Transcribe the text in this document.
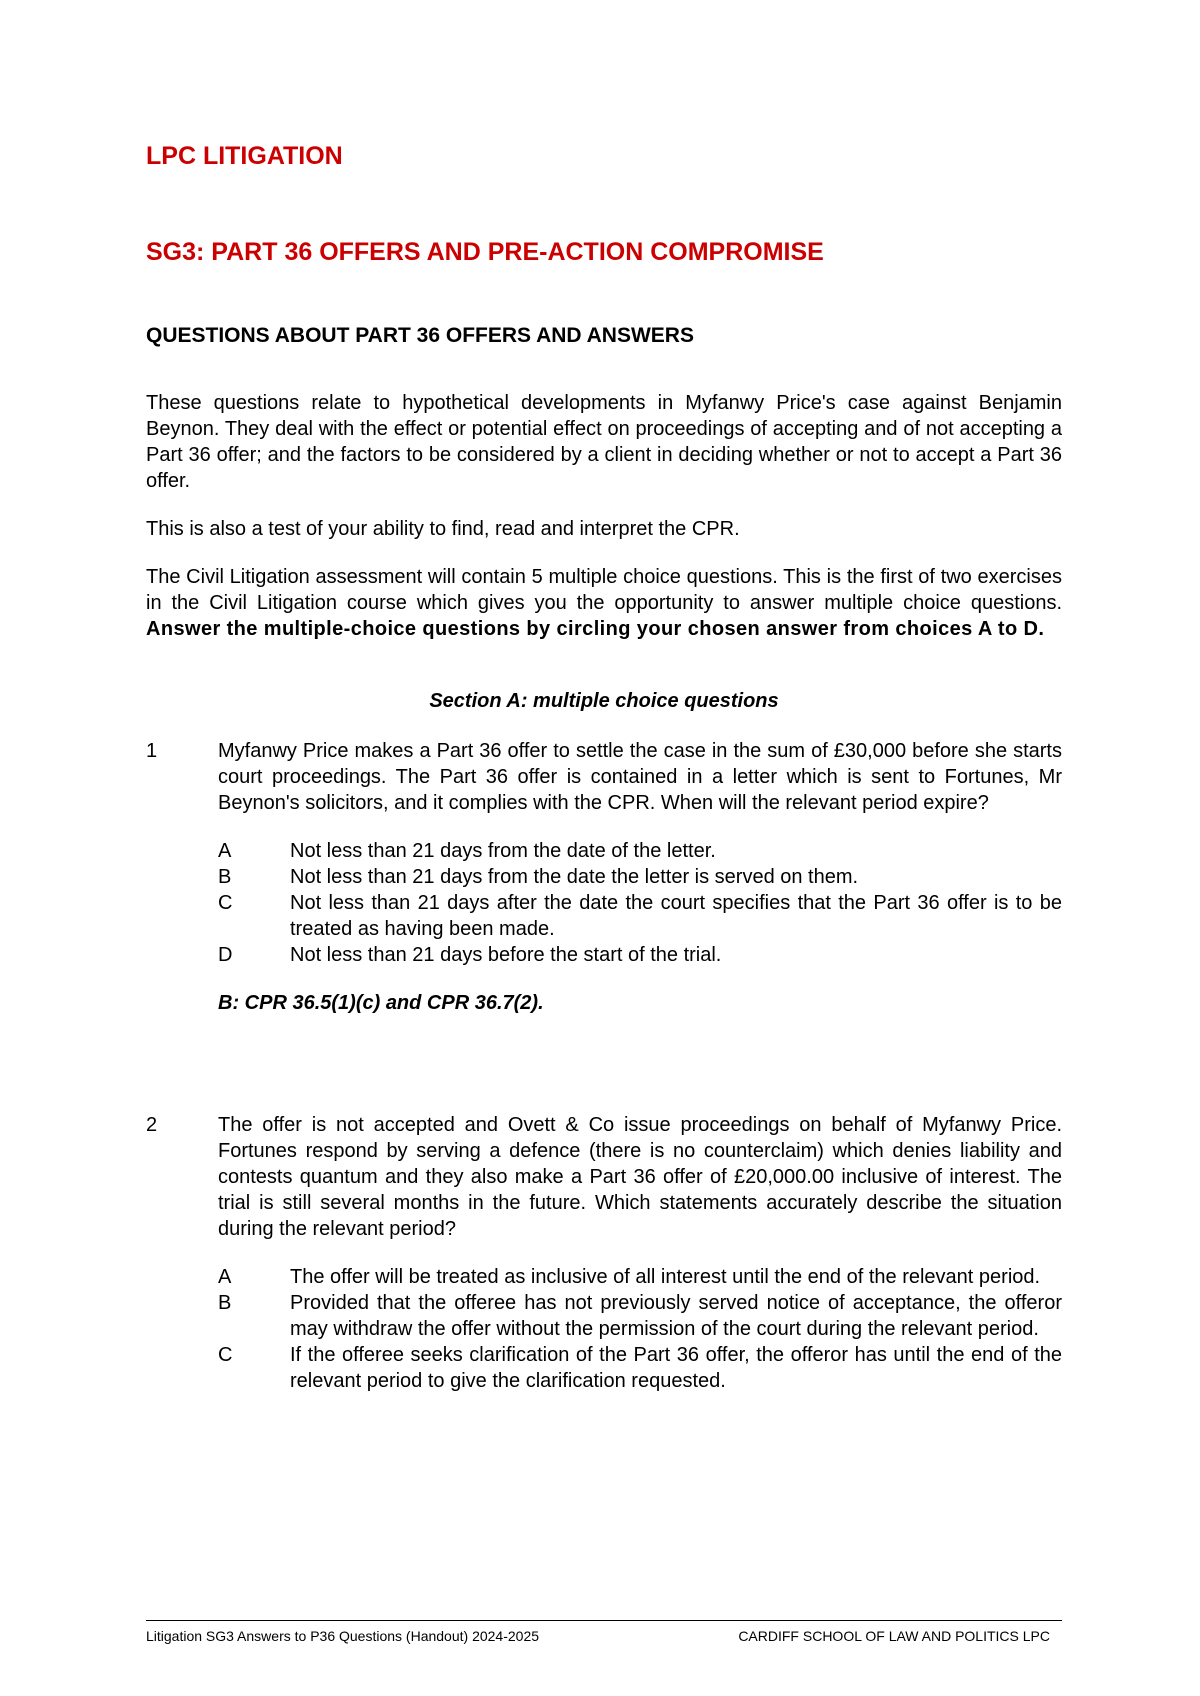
LPC LITIGATION
SG3: PART 36 OFFERS AND PRE-ACTION COMPROMISE
QUESTIONS ABOUT PART 36 OFFERS AND ANSWERS

These questions relate to hypothetical developments in Myfanwy Price's case against Benjamin Beynon. They deal with the effect or potential effect on proceedings of accepting and of not accepting a Part 36 offer; and the factors to be considered by a client in deciding whether or not to accept a Part 36 offer.

This is also a test of your ability to find, read and interpret the CPR.

The Civil Litigation assessment will contain 5 multiple choice questions. This is the first of two exercises in the Civil Litigation course which gives you the opportunity to answer multiple choice questions. Answer the multiple-choice questions by circling your chosen answer from choices A to D.

Section A: multiple choice questions
1	Myfanwy Price makes a Part 36 offer to settle the case in the sum of £30,000 before she starts court proceedings. The Part 36 offer is contained in a letter which is sent to Fortunes, Mr Beynon's solicitors, and it complies with the CPR. When will the relevant period expire?

A	Not less than 21 days from the date of the letter.
B	Not less than 21 days from the date the letter is served on them.
C	Not less than 21 days after the date the court specifies that the Part 36 offer is to be treated as having been made.
D	Not less than 21 days before the start of the trial.

B: CPR 36.5(1)(c) and CPR 36.7(2).

2	The offer is not accepted and Ovett & Co issue proceedings on behalf of Myfanwy Price. Fortunes respond by serving a defence (there is no counterclaim) which denies liability and contests quantum and they also make a Part 36 offer of £20,000.00 inclusive of interest. The trial is still several months in the future. Which statements accurately describe the situation during the relevant period?

A	The offer will be treated as inclusive of all interest until the end of the relevant period.
B	Provided that the offeree has not previously served notice of acceptance, the offeror may withdraw the offer without the permission of the court during the relevant period.
C	If the offeree seeks clarification of the Part 36 offer, the offeror has until the end of the relevant period to give the clarification requested.
Litigation SG3 Answers to P36 Questions (Handout) 2024-2025	CARDIFF SCHOOL OF LAW AND POLITICS LPC
